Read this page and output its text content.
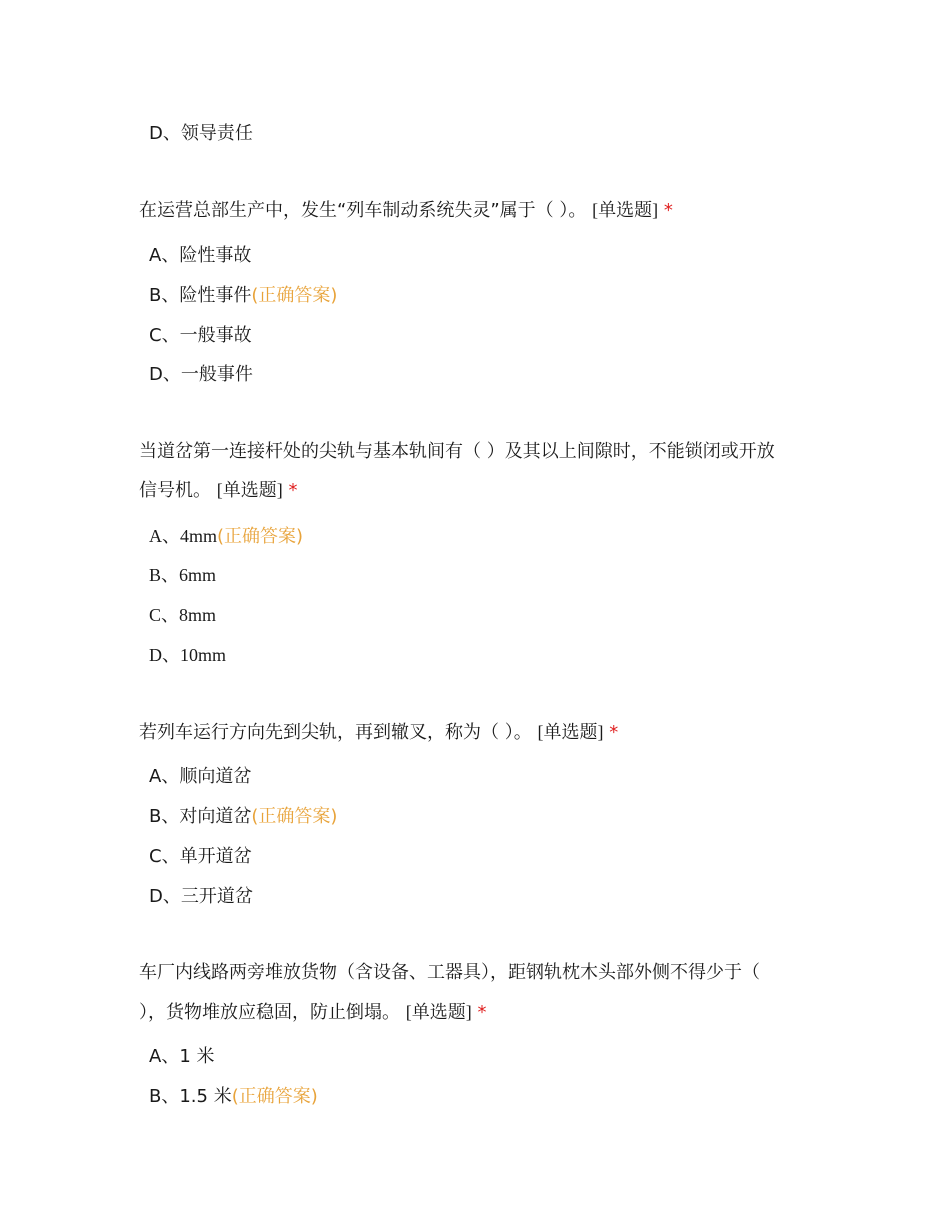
D、领导责任
在运营总部生产中，发生“列车制动系统失灵”属于（ ）。 [单选题] *
A、险性事故
B、险性事件(正确答案)
C、一般事故
D、一般事件
当道岔第一连接杆处的尖轨与基本轨间有（ ）及其以上间隙时，不能锁闭或开放
信号机。 [单选题] *
A、4mm(正确答案)
B、6mm
C、8mm
D、10mm
若列车运行方向先到尖轨，再到辙叉，称为（ ）。 [单选题] *
A、顺向道岔
B、对向道岔(正确答案)
C、单开道岔
D、三开道岔
车厂内线路两旁堆放货物（含设备、工器具），距钢轨枕木头部外侧不得少于（
），货物堆放应稳固，防止倒塌。 [单选题] *
A、1 米
B、1.5 米(正确答案)
